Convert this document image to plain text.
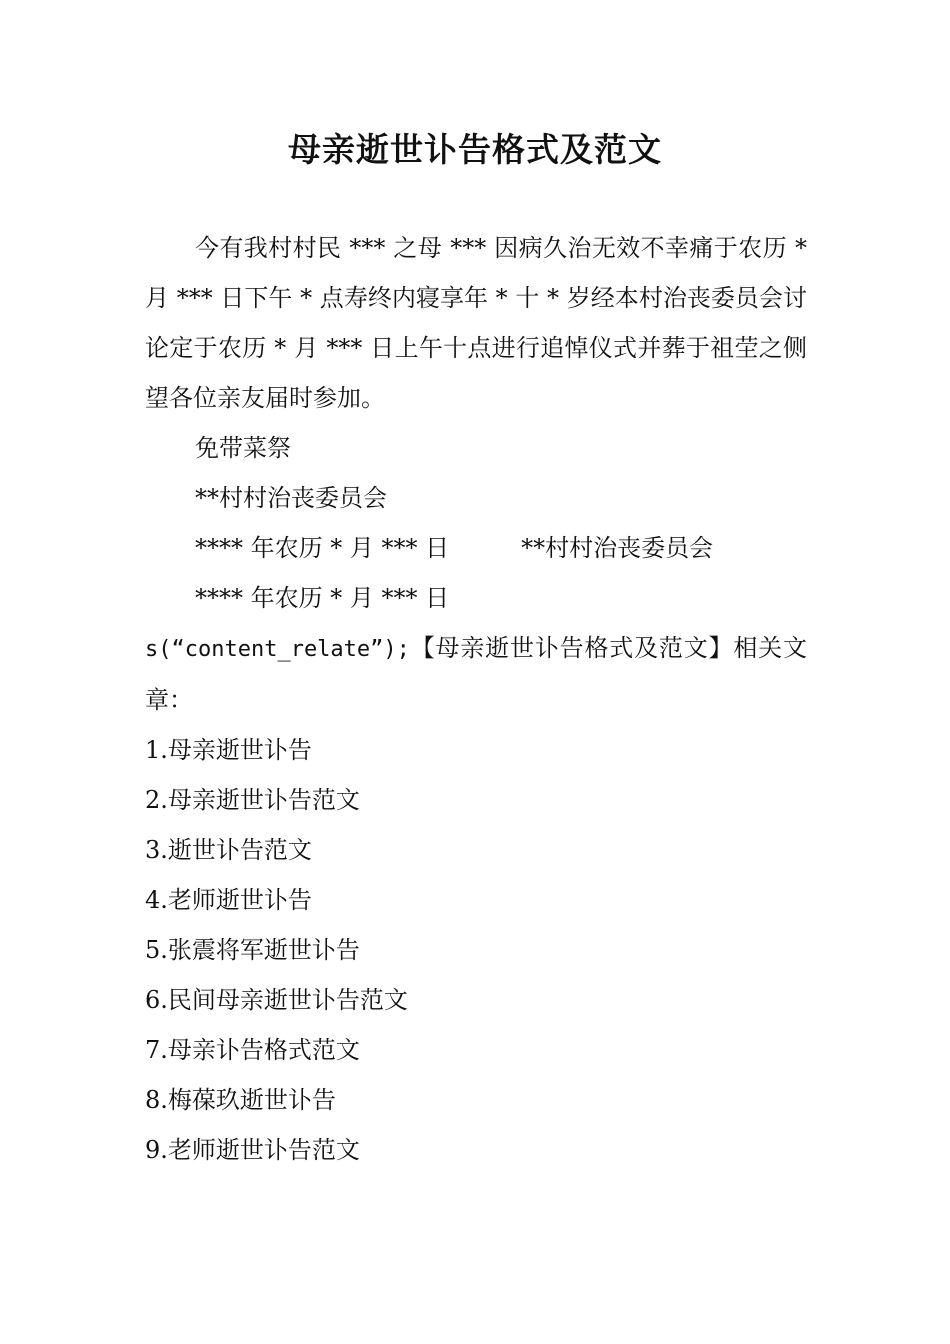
母亲逝世讣告格式及范文

今有我村村民 *** 之母 *** 因病久治无效不幸痛于农历 * 月 *** 日下午 * 点寿终内寝享年 * 十 * 岁经本村治丧委员会讨论定于农历 * 月 *** 日上午十点进行追悼仪式并葬于祖茔之侧望各位亲友届时参加。

免带菜祭

**村村治丧委员会

**** 年农历 * 月 *** 日	**村村治丧委员会

**** 年农历 * 月 *** 日

s(“content_relate”);【母亲逝世讣告格式及范文】相关文章：

1.母亲逝世讣告
2.母亲逝世讣告范文
3.逝世讣告范文
4.老师逝世讣告
5.张震将军逝世讣告
6.民间母亲逝世讣告范文
7.母亲讣告格式范文
8.梅葆玖逝世讣告
9.老师逝世讣告范文
